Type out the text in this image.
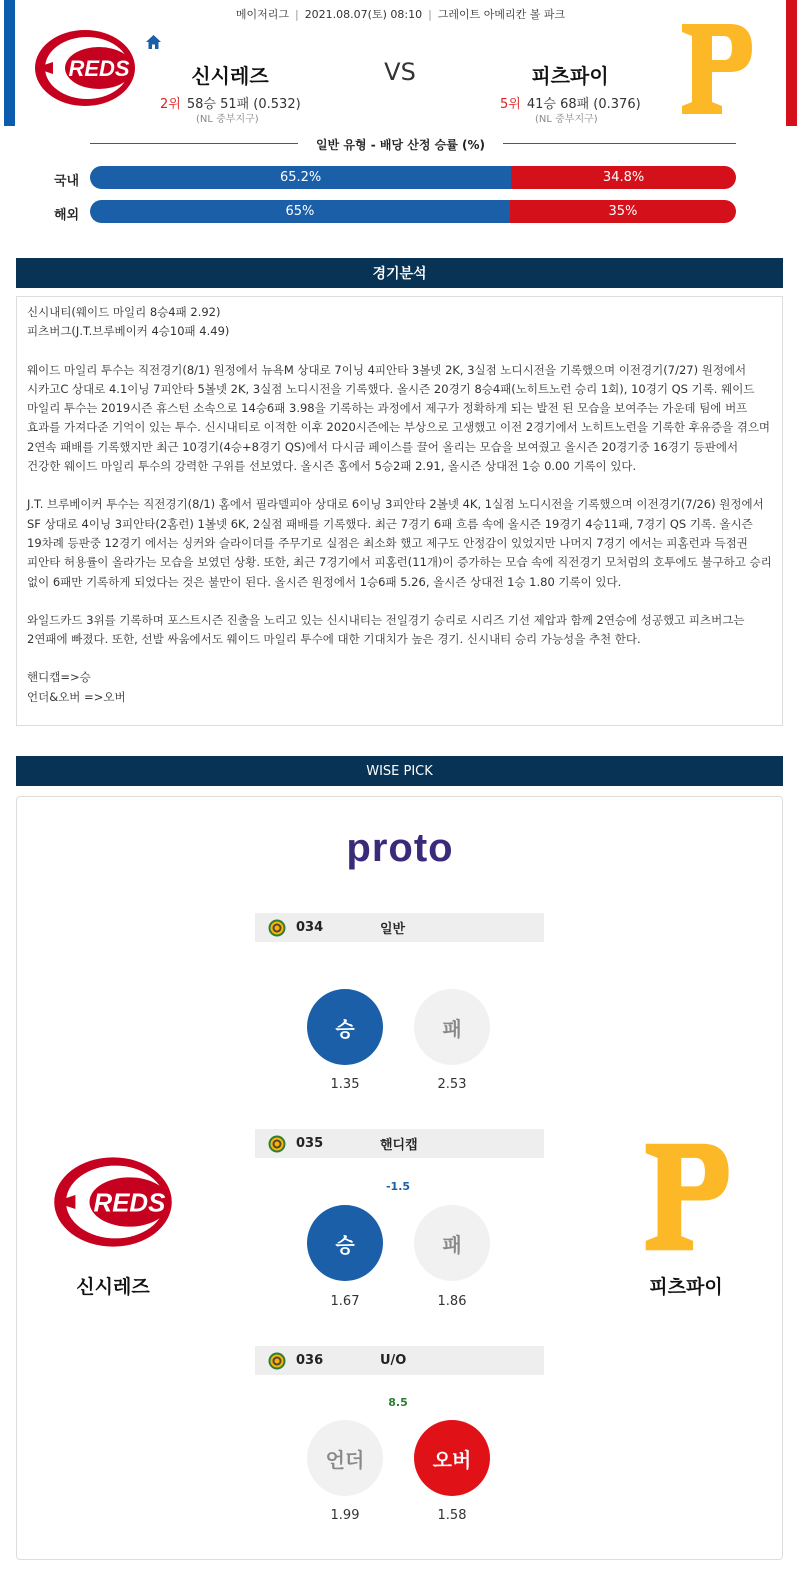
메이저리그 | 2021.08.07(토) 08:10 | 그레이트 아메리칸 볼 파크
REDS	신시레즈	VS	피츠파이
2위 58승 51패 (0.532)
(NL 중부지구)
5위 41승 68패 (0.376)
(NL 중부지구)
일반 유형 - 배당 산정 승률 (%)
국내	65.2%	34.8%
해외	65%	35%
경기분석

신시내티(웨이드 마일리 8승4패 2.92)

피츠버그(J.T.브루베이커 4승10패 4.49)

웨이드 마일리 투수는 직전경기(8/1) 원정에서 뉴욕M 상대로 7이닝 4피안타 3볼넷 2K, 3실점 노디시전을 기록했으며 이전경기(7/27) 원정에서 시카고C 상대로 4.1이닝 7피안타 5볼넷 2K, 3실점 노디시전을 기록했다. 올시즌 20경기 8승4패(노히트노런 승리 1회), 10경기 QS 기록. 웨이드 마일리 투수는 2019시즌 휴스턴 소속으로 14승6패 3.98을 기록하는 과정에서 제구가 정확하게 되는 발전 된 모습을 보여주는 가운데 팀에 버프 효과를 가져다준 기억이 있는 투수. 신시내티로 이적한 이후 2020시즌에는 부상으로 고생했고 이전 2경기에서 노히트노런을 기록한 후유증을 겪으며 2연속 패배를 기록했지만 최근 10경기(4승+8경기 QS)에서 다시금 페이스를 끌어 올리는 모습을 보여줬고 올시즌 20경기중 16경기 등판에서 건강한 웨이드 마일리 투수의 강력한 구위를 선보였다. 올시즌 홈에서 5승2패 2.91, 올시즌 상대전 1승 0.00 기록이 있다.

J.T. 브루베이커 투수는 직전경기(8/1) 홈에서 필라델피아 상대로 6이닝 3피안타 2볼넷 4K, 1실점 노디시전을 기록했으며 이전경기(7/26) 원정에서 SF 상대로 4이닝 3피안타(2홈런) 1볼넷 6K, 2실점 패배를 기록했다. 최근 7경기 6패 흐름 속에 올시즌 19경기 4승11패, 7경기 QS 기록. 올시즌 19차례 등판중 12경기 에서는 싱커와 슬라이더를 주무기로 실점은 최소화 했고 제구도 안정감이 있었지만 나머지 7경기 에서는 피홈런과 득점권 피안타 허용률이 올라가는 모습을 보였던 상황. 또한, 최근 7경기에서 피홈런(11개)이 증가하는 모습 속에 직전경기 모처럼의 호투에도 불구하고 승리 없이 6패만 기록하게 되었다는 것은 불만이 된다. 올시즌 원정에서 1승6패 5.26, 올시즌 상대전 1승 1.80 기록이 있다.

와일드카드 3위를 기록하며 포스트시즌 진출을 노리고 있는 신시내티는 전일경기 승리로 시리즈 기선 제압과 함께 2연승에 성공했고 피츠버그는 2연패에 빠졌다. 또한, 선발 싸움에서도 웨이드 마일리 투수에 대한 기대치가 높은 경기. 신시내티 승리 가능성을 추천 한다.

핸디캡=>승

언더&오버 =>오버

WISE PICK
proto
034	일반
승	패
1.35	2.53
035	핸디캡
-1.5
승	패
1.67	1.86
036	U/O
8.5
언더	오버
1.99	1.58
REDS
신시레즈	피츠파이
